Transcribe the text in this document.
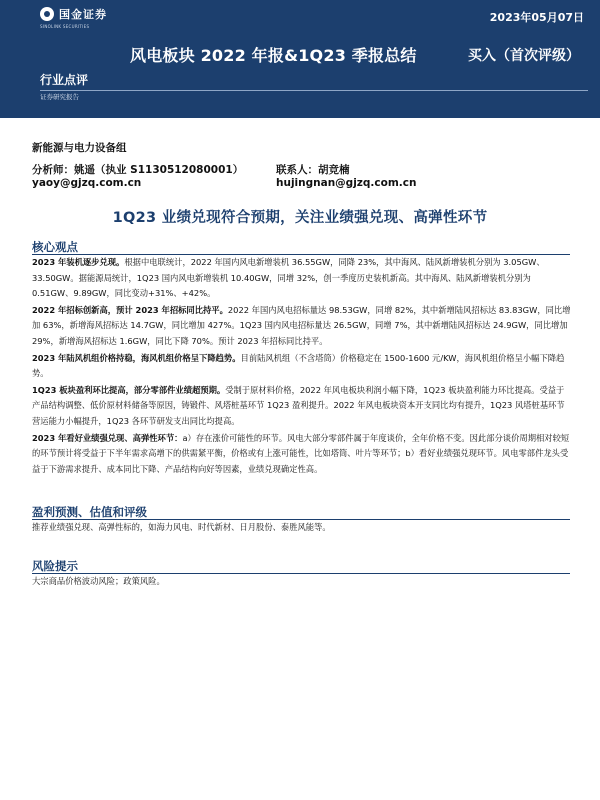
国金证券
SINOLINK SECURITIES
2023年05月07日
风电板块 2022 年报&1Q23 季报总结	买入（首次评级）
行业点评
证券研究报告
新能源与电力设备组
分析师：姚遥（执业 S1130512080001）
yaoy@gjzq.com.cn
联系人：胡竞楠
hujingnan@gjzq.com.cn
1Q23 业绩兑现符合预期，关注业绩强兑现、高弹性环节
核心观点

2023 年装机逐步兑现。根据中电联统计，2022 年国内风电新增装机 36.55GW，同降 23%，其中海风、陆风新增装机分别为 3.05GW、33.50GW。据能源局统计，1Q23 国内风电新增装机 10.40GW，同增 32%，创一季度历史装机新高。其中海风、陆风新增装机分别为 0.51GW、9.89GW，同比变动+31%、+42%。

2022 年招标创新高，预计 2023 年招标同比持平。2022 年国内风电招标量达 98.53GW，同增 82%，其中新增陆风招标达 83.83GW，同比增加 63%，新增海风招标达 14.7GW，同比增加 427%。1Q23 国内风电招标量达 26.5GW，同增 7%，其中新增陆风招标达 24.9GW，同比增加 29%，新增海风招标达 1.6GW，同比下降 70%。预计 2023 年招标同比持平。

2023 年陆风机组价格持稳，海风机组价格呈下降趋势。目前陆风机组（不含塔筒）价格稳定在 1500-1600 元/KW，海风机组价格呈小幅下降趋势。

1Q23 板块盈利环比提高，部分零部件业绩超预期。受制于原材料价格，2022 年风电板块利润小幅下降，1Q23 板块盈利能力环比提高。受益于产品结构调整、低价原材料储备等原因，铸锻件、风塔桩基环节 1Q23 盈利提升。2022 年风电板块资本开支同比均有提升，1Q23 风塔桩基环节营运能力小幅提升，1Q23 各环节研发支出同比均提高。

2023 年看好业绩强兑现、高弹性环节：a）存在涨价可能性的环节。风电大部分零部件属于年度谈价，全年价格不变。因此部分谈价周期相对较短的环节预计将受益于下半年需求高增下的供需紧平衡，价格或有上涨可能性，比如塔筒、叶片等环节；b）看好业绩强兑现环节。风电零部件龙头受益于下游需求提升、成本同比下降、产品结构向好等因素，业绩兑现确定性高。

盈利预测、估值和评级
推荐业绩强兑现、高弹性标的，如海力风电、时代新材、日月股份、泰胜风能等。
风险提示
大宗商品价格波动风险；政策风险。
